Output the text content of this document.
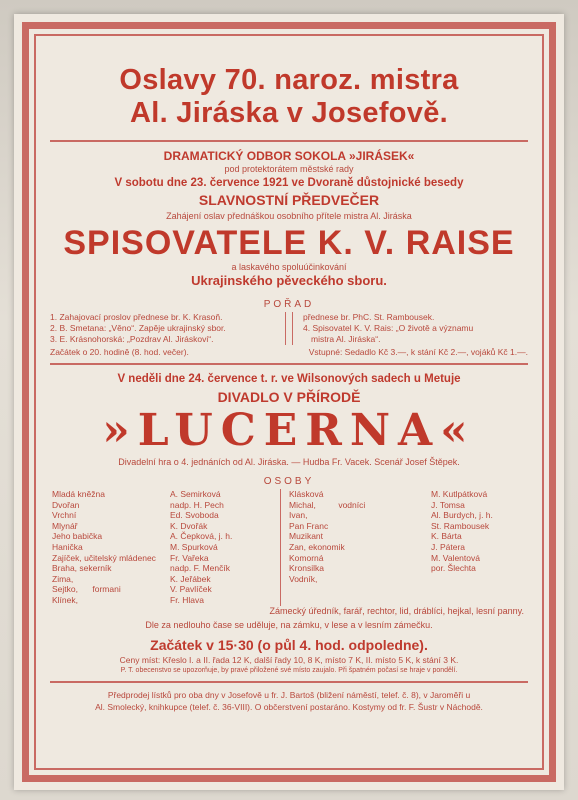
Oslavy 70. naroz. mistra
Al. Jiráska v Josefově.
DRAMATICKÝ ODBOR SOKOLA »JIRÁSEK«
pod protektorátem městské rady
V sobotu dne 23. července 1921 ve Dvoraně důstojnické besedy
SLAVNOSTNÍ PŘEDVEČER
Zahájení oslav přednáškou osobního přítele mistra Al. Jiráska
SPISOVATELE K. V. RAISE
a laskavého spoluúčinkování
Ukrajinského pěveckého sboru.
POŘAD
1. Zahajovací proslov přednese br. K. Krasoň.
2. B. Smetana: „Věno“. Zapěje ukrajinský sbor.
3. E. Krásnohorská: „Pozdrav Al. Jiráskovi“.
přednese br. PhC. St. Rambousek.
4. Spisovatel K. V. Rais: „O životě a významu
mistra Al. Jiráska“.
Začátek o 20. hodině (8. hod. večer).	Vstupné: Sedadlo Kč 3.—, k stání Kč 2.—, vojáků Kč 1.—.
V neděli dne 24. července t. r. ve Wilsonových sadech u Metuje
DIVADLO V PŘÍRODĚ
»LUCERNA«
Divadelní hra o 4. jednáních od Al. Jiráska. — Hudba Fr. Vacek. Scenář Josef Štěpek.
OSOBY
Mladá kněžna
Dvořan
Vrchní
Mlynář
Jeho babička
Hanička
Zajíček, učitelský mládenec
Braha, sekerník
Zima,
Sejtko, formani
Klínek,
A. Semirková
nadp. H. Pech
Ed. Svoboda
K. Dvořák
A. Čepková, j. h.
M. Spurková
Fr. Vařeka
nadp. F. Menčík
K. Jeřábek
V. Pavlíček
Fr. Hlava
Klásková
Michal,	vodníci
Ivan,
Pan Franc
Muzikant
Zan, ekonomik
Komorná
Kronsilka
Vodník,
M. Kutlpátková
J. Tomsa
Al. Burdych, j. h.
St. Rambousek
K. Bárta
J. Pátera
M. Valentová
por. Šlechta
Zámecký úředník, farář, rechtor, lid, dráblíci, hejkal, lesní panny.
Dle za nedlouho čase se uděluje, na zámku, v lese a v lesním zámečku.
Začátek v 15·30 (o půl 4. hod. odpoledne).
Ceny míst: Křeslo I. a II. řada 12 K, další řady 10, 8 K, místo 7 K, II. místo 5 K, k stání 3 K.
P. T. obecenstvo se upozorňuje, by pravé přiložené své místo zaujalo. Při špatném počasí se hraje v pondělí.
Předprodej lístků pro oba dny v Josefově u fr. J. Bartoš (bližení náměstí, telef. č. 8), v Jaroměři u
Al. Smolecký, knihkupce (telef. č. 36-VIII). O občerstvení postaráno. Kostymy od fr. F. Šustr v Náchodě.
